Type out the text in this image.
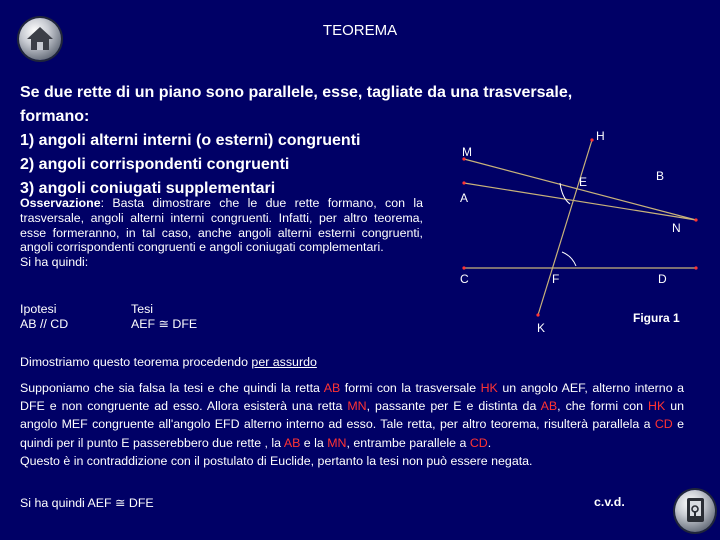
TEOREMA
Se due rette di un piano sono parallele, esse, tagliate da una trasversale,
formano:
1) angoli alterni interni (o esterni) congruenti
2) angoli corrispondenti congruenti
3) angoli coniugati supplementari
Osservazione: Basta dimostrare che le due rette formano, con la trasversale, angoli alterni interni congruenti. Infatti, per altro teorema, esse formeranno, in tal caso, anche angoli alterni esterni congruenti, angoli corrispondenti congruenti e angoli coniugati complementari.
Si ha quindi:
Ipotesi
AB // CD
Tesi
AEF ≅ DFE
H
M
E	B
A
N
C	F	D
K
Figura 1
Dimostriamo questo teorema procedendo per assurdo
Supponiamo che sia falsa la tesi e che quindi la retta AB formi con la trasversale HK un angolo AEF, alterno interno a DFE e non congruente ad esso. Allora esisterà una retta MN, passante per E e distinta da AB, che formi con HK un angolo MEF congruente all'angolo EFD alterno interno ad esso. Tale retta, per altro teorema, risulterà parallela a CD e quindi per il punto E passerebbero due rette , la AB e la MN, entrambe parallele a CD.
Questo è in contraddizione con il postulato di Euclide, pertanto la tesi non può essere negata.
Si ha quindi AEF ≅ DFE	c.v.d.
